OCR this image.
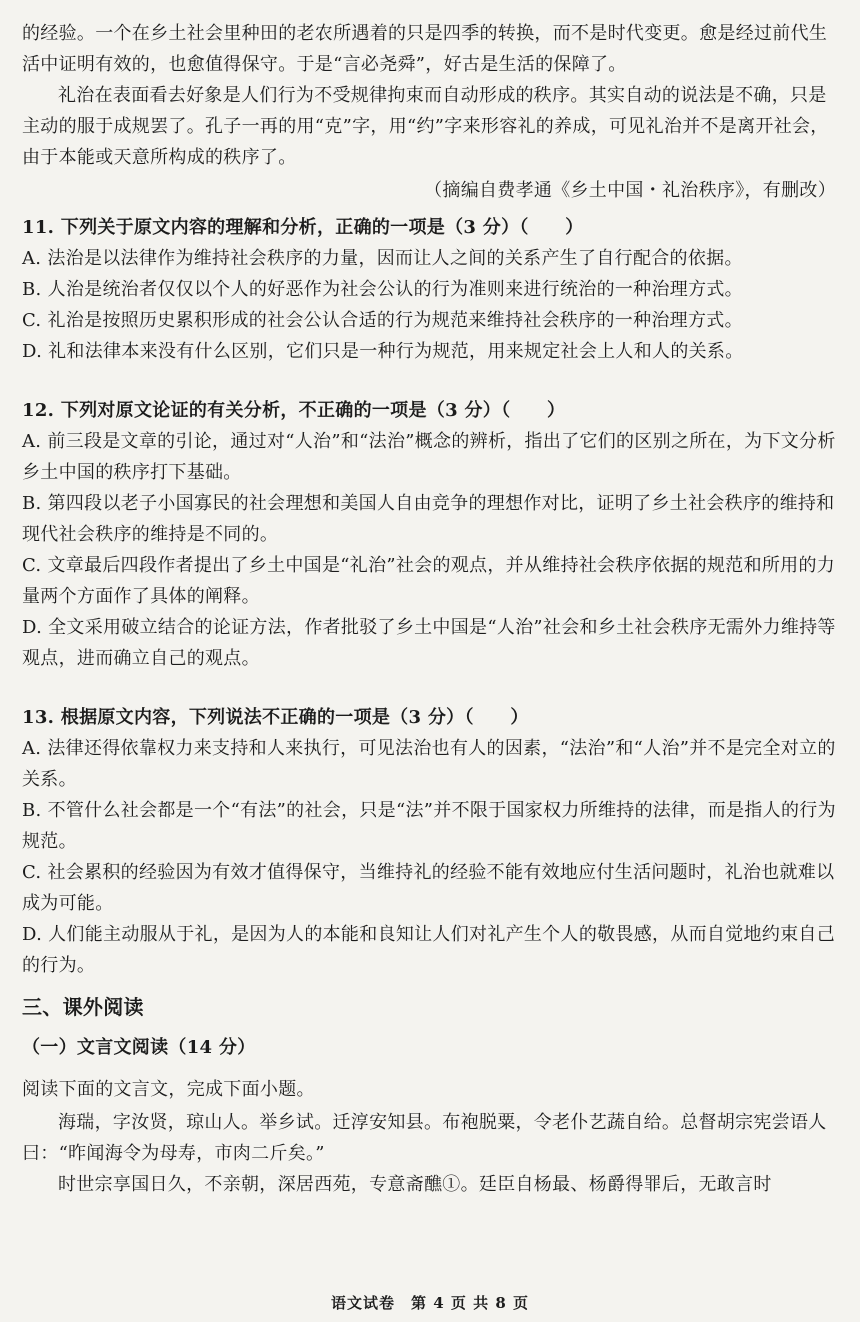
的经验。一个在乡土社会里种田的老农所遇着的只是四季的转换，而不是时代变更。愈是经过前代生活中证明有效的，也愈值得保守。于是“言必尧舜”，好古是生活的保障了。

礼治在表面看去好象是人们行为不受规律拘束而自动形成的秩序。其实自动的说法是不确，只是主动的服于成规罢了。孔子一再的用“克”字，用“约”字来形容礼的养成，可见礼治并不是离开社会，由于本能或天意所构成的秩序了。

（摘编自费孝通《乡土中国・礼治秩序》，有删改）

11. 下列关于原文内容的理解和分析，正确的一项是（3 分）（　　）

A. 法治是以法律作为维持社会秩序的力量，因而让人之间的关系产生了自行配合的依据。

B. 人治是统治者仅仅以个人的好恶作为社会公认的行为准则来进行统治的一种治理方式。

C. 礼治是按照历史累积形成的社会公认合适的行为规范来维持社会秩序的一种治理方式。

D. 礼和法律本来没有什么区别，它们只是一种行为规范，用来规定社会上人和人的关系。

12. 下列对原文论证的有关分析，不正确的一项是（3 分）（　　）

A. 前三段是文章的引论，通过对“人治”和“法治”概念的辨析，指出了它们的区别之所在，为下文分析乡土中国的秩序打下基础。

B. 第四段以老子小国寡民的社会理想和美国人自由竞争的理想作对比，证明了乡土社会秩序的维持和现代社会秩序的维持是不同的。

C. 文章最后四段作者提出了乡土中国是“礼治”社会的观点，并从维持社会秩序依据的规范和所用的力量两个方面作了具体的阐释。

D. 全文采用破立结合的论证方法，作者批驳了乡土中国是“人治”社会和乡土社会秩序无需外力维持等观点，进而确立自己的观点。

13. 根据原文内容，下列说法不正确的一项是（3 分）（　　）

A. 法律还得依靠权力来支持和人来执行，可见法治也有人的因素，“法治”和“人治”并不是完全对立的关系。

B. 不管什么社会都是一个“有法”的社会，只是“法”并不限于国家权力所维持的法律，而是指人的行为规范。

C. 社会累积的经验因为有效才值得保守，当维持礼的经验不能有效地应付生活问题时，礼治也就难以成为可能。

D. 人们能主动服从于礼，是因为人的本能和良知让人们对礼产生个人的敬畏感，从而自觉地约束自己的行为。

三、课外阅读

（一）文言文阅读（14 分）

阅读下面的文言文，完成下面小题。

海瑞，字汝贤，琼山人。举乡试。迁淳安知县。布袍脱粟，令老仆艺蔬自给。总督胡宗宪尝语人曰：“昨闻海令为母寿，市肉二斤矣。”

时世宗享国日久，不亲朝，深居西苑，专意斋醮①。廷臣自杨最、杨爵得罪后，无敢言时

语文试卷　第 4 页 共 8 页
